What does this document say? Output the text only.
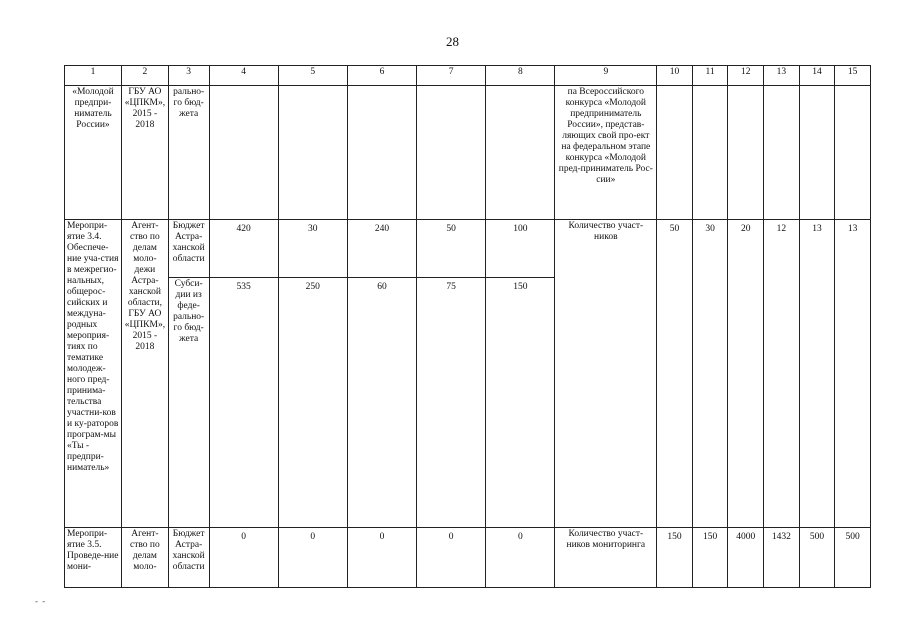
28
1	2	3	4	5	6	7	8	9	10	11	12	13	14	15
«Молодой предпри-ниматель России»	ГБУ АО «ЦПКМ», 2015 - 2018	рально-го бюд-жета						па Всероссийского конкурса «Молодой предприниматель России», представ-ляющих свой про-ект на федеральном этапе конкурса «Молодой пред-приниматель Рос-сии»						
Меропри-ятие 3.4. Обеспече-ние уча-стия в межрегио-нальных, общерос-сийских и междуна-родных мероприя-тиях по тематике молодеж-ного пред-принима-тельства участни-ков и ку-раторов програм-мы «Ты - предпри-ниматель»	Агент-ство по делам моло-дежи Астра-ханской области, ГБУ АО «ЦПКМ», 2015 - 2018	Бюджет Астра-ханской области	420	30	240	50	100	Количество участ-ников	50	30	20	12	13	13
		Субси-дии из феде-рально-го бюд-жета	535	250	60	75	150							
Меропри-ятие 3.5. Проведе-ние мони-	Агент-ство по делам моло-	Бюджет Астра-ханской области	0	0	0	0	0	Количество участ-ников мониторинга	150	150	4000	1432	500	500
- -
